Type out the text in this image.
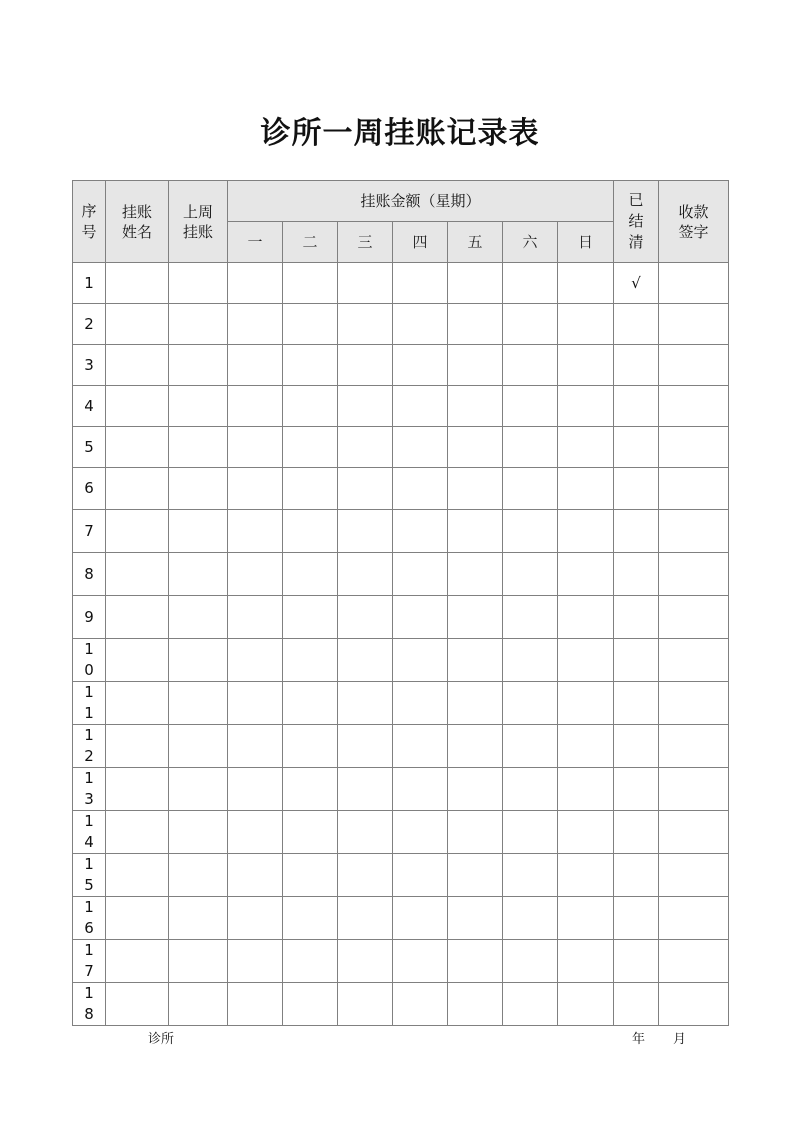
诊所一周挂账记录表
序号	挂账姓名	上周挂账	挂账金额（星期）							已结清	收款签字
			一	二	三	四	五	六	日		
1										√	
2											
3											
4											
5											
6											
7											
8											
9											
10											
11											
12											
13											
14											
15											
16											
17											
18											
诊所	年 月
